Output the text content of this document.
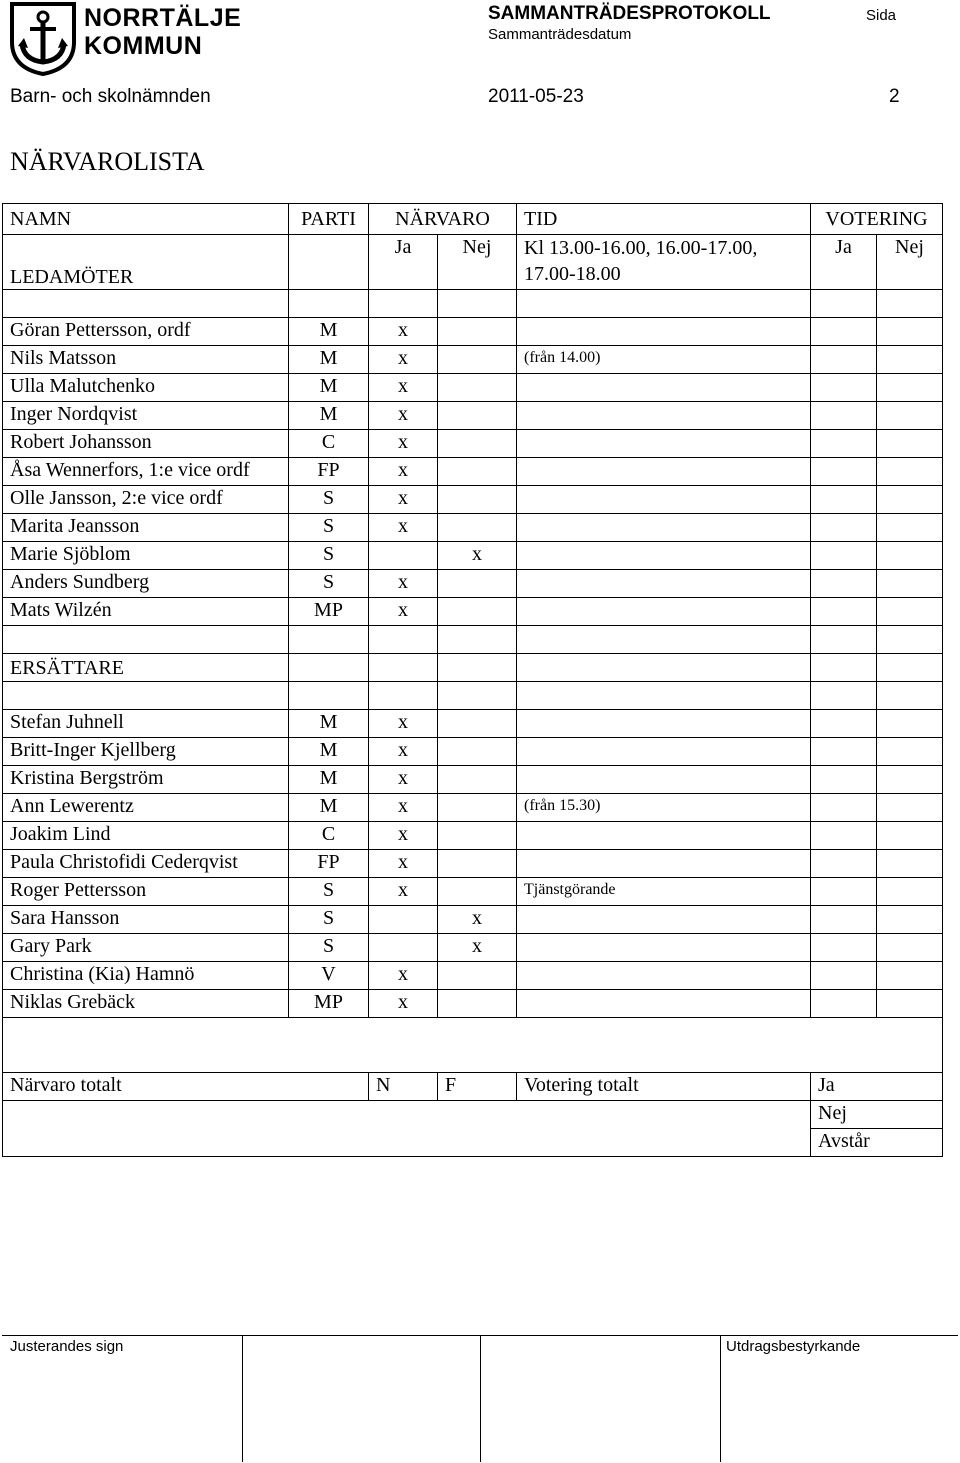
NORRTÄLJE
KOMMUN
SAMMANTRÄDESPROTOKOLL
Sammanträdesdatum
Sida
Barn- och skolnämnden	2011-05-23	2
NÄRVAROLISTA
NAMN	PARTI	NÄRVARO		TID	VOTERING	
LEDAMÖTER		Ja	Nej	Kl 13.00-16.00, 16.00-17.00,
17.00-18.00	Ja	Nej

Göran Pettersson, ordf	M	x				
Nils Matsson	M	x		(från 14.00)		
Ulla Malutchenko	M	x				
Inger Nordqvist	M	x				
Robert Johansson	C	x				
Åsa Wennerfors, 1:e vice ordf	FP	x				
Olle Jansson, 2:e vice ordf	S	x				
Marita Jeansson	S	x				
Marie Sjöblom	S		x			
Anders Sundberg	S	x				
Mats Wilzén	MP	x				

ERSÄTTARE						

Stefan Juhnell	M	x				
Britt-Inger Kjellberg	M	x				
Kristina Bergström	M	x				
Ann Lewerentz	M	x		(från 15.30)		
Joakim Lind	C	x				
Paula Christofidi Cederqvist	FP	x				
Roger Pettersson	S	x		Tjänstgörande		
Sara Hansson	S		x			
Gary Park	S		x			
Christina (Kia) Hamnö	V	x				
Niklas Grebäck	MP	x				

Närvaro totalt		N	F	Votering totalt	Ja	
					Nej	
					Avstår	
Justerandes sign	Utdragsbestyrkande
